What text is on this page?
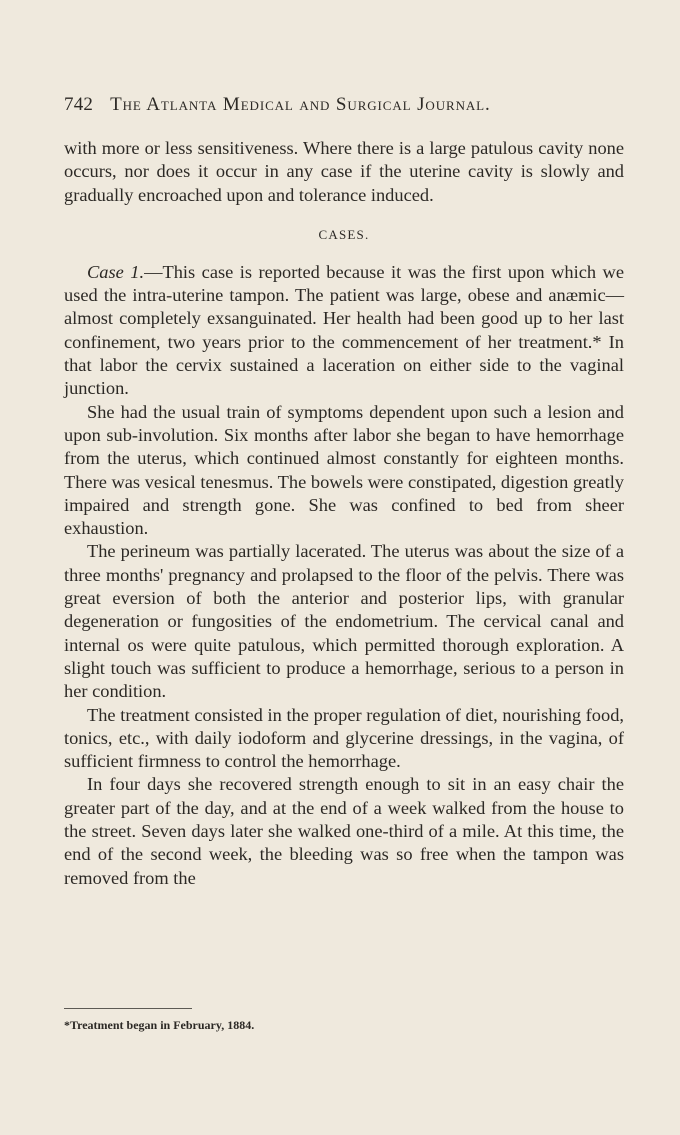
742 The Atlanta Medical and Surgical Journal.

with more or less sensitiveness. Where there is a large patulous cavity none occurs, nor does it occur in any case if the uterine cavity is slowly and gradually encroached upon and tolerance induced.

CASES.

Case 1.—This case is reported because it was the first upon which we used the intra-uterine tampon. The patient was large, obese and anæmic—almost completely exsanguinated. Her health had been good up to her last confinement, two years prior to the commencement of her treatment.* In that labor the cervix sustained a laceration on either side to the vaginal junction.

She had the usual train of symptoms dependent upon such a lesion and upon sub-involution. Six months after labor she began to have hemorrhage from the uterus, which continued almost constantly for eighteen months. There was vesical tenesmus. The bowels were constipated, digestion greatly impaired and strength gone. She was confined to bed from sheer exhaustion.

The perineum was partially lacerated. The uterus was about the size of a three months' pregnancy and prolapsed to the floor of the pelvis. There was great eversion of both the anterior and posterior lips, with granular degeneration or fungosities of the endometrium. The cervical canal and internal os were quite patulous, which permitted thorough exploration. A slight touch was sufficient to produce a hemorrhage, serious to a person in her condition.

The treatment consisted in the proper regulation of diet, nourishing food, tonics, etc., with daily iodoform and glycerine dressings, in the vagina, of sufficient firmness to control the hemorrhage.

In four days she recovered strength enough to sit in an easy chair the greater part of the day, and at the end of a week walked from the house to the street. Seven days later she walked one-third of a mile. At this time, the end of the second week, the bleeding was so free when the tampon was removed from the

*Treatment began in February, 1884.
